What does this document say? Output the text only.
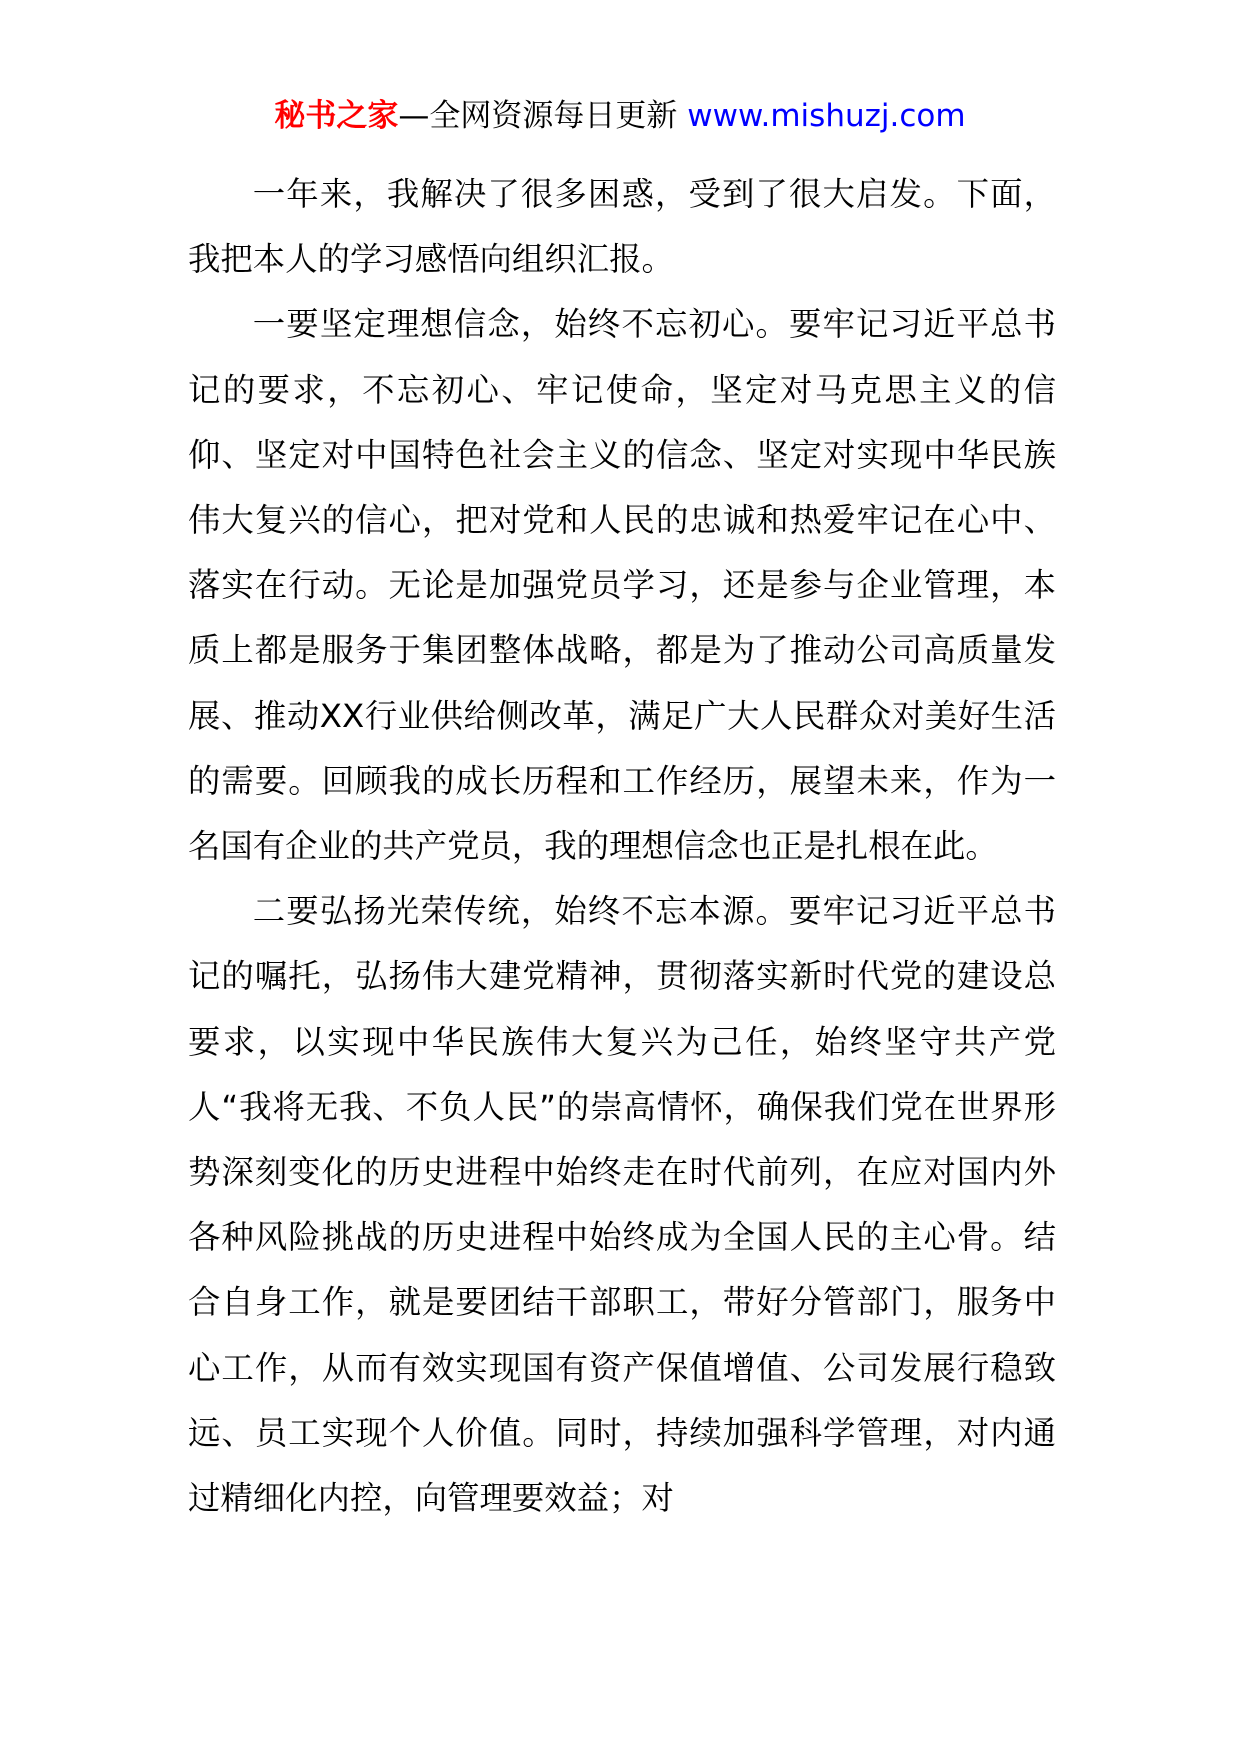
秘书之家—全网资源每日更新 www.mishuzj.com

一年来，我解决了很多困惑，受到了很大启发。下面，我把本人的学习感悟向组织汇报。

一要坚定理想信念，始终不忘初心。要牢记习近平总书记的要求，不忘初心、牢记使命，坚定对马克思主义的信仰、坚定对中国特色社会主义的信念、坚定对实现中华民族伟大复兴的信心，把对党和人民的忠诚和热爱牢记在心中、落实在行动。无论是加强党员学习，还是参与企业管理，本质上都是服务于集团整体战略，都是为了推动公司高质量发展、推动XX行业供给侧改革，满足广大人民群众对美好生活的需要。回顾我的成长历程和工作经历，展望未来，作为一名国有企业的共产党员，我的理想信念也正是扎根在此。

二要弘扬光荣传统，始终不忘本源。要牢记习近平总书记的嘱托，弘扬伟大建党精神，贯彻落实新时代党的建设总要求，以实现中华民族伟大复兴为己任，始终坚守共产党人“我将无我、不负人民”的崇高情怀，确保我们党在世界形势深刻变化的历史进程中始终走在时代前列，在应对国内外各种风险挑战的历史进程中始终成为全国人民的主心骨。结合自身工作，就是要团结干部职工，带好分管部门，服务中心工作，从而有效实现国有资产保值增值、公司发展行稳致远、员工实现个人价值。同时，持续加强科学管理，对内通过精细化内控，向管理要效益；对
